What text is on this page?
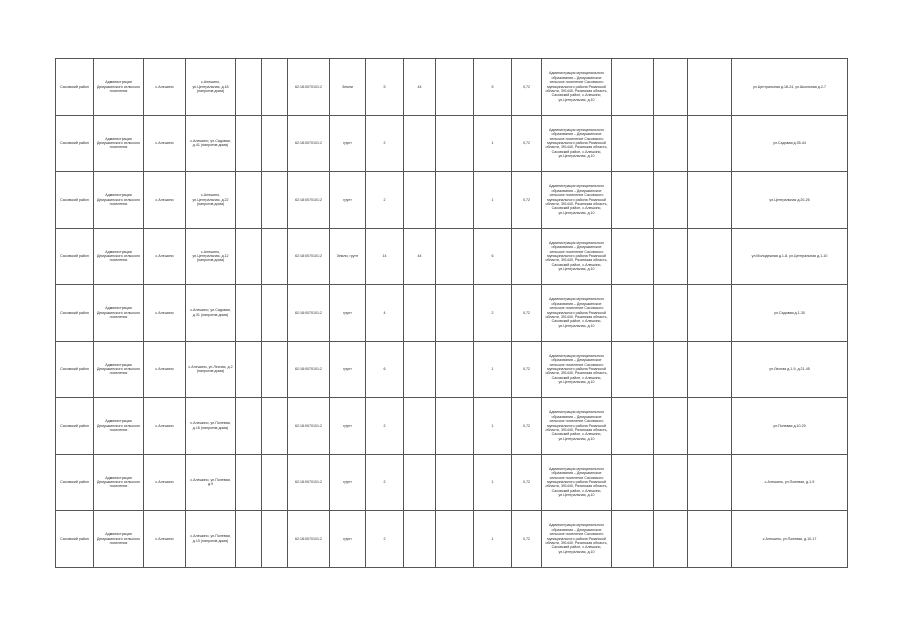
Сасовский район	Администрация Демушкинского сельского поселения	с.Алешино	с.Алешино, ул.Центральная, д.18 (напротив дома)			62:18:0070101:2	Земли	5	44		5	0,72	Администрация муниципального образования – Демушкинское сельское поселение Сасовского муниципального района Рязанской области, 391440, Рязанская область, Сасовский район, с.Алешино, ул.Центральная, д.10				ул.Центральная д.18-24, ул.Школьная д.2-7
Сасовский район	Администрация Демушкинского сельского поселения	с.Алешино	с.Алешино, ул.Садовая, д.41 (напротив дома)			62:18:0070101:2	грунт	2			1	0,72	Администрация муниципального образования – Демушкинское сельское поселение Сасовского муниципального района Рязанской области, 391440, Рязанская область, Сасовский район, с.Алешино, ул.Центральная, д.10				ул.Садовая д.35-44
Сасовский район	Администрация Демушкинского сельского поселения	с.Алешино	с.Алешино, ул.Центральная, д.22 (напротив дома)			62:18:0070101:2	грунт	2			1	0,72	Администрация муниципального образования – Демушкинское сельское поселение Сасовского муниципального района Рязанской области, 391440, Рязанская область, Сасовский район, с.Алешино, ул.Центральная, д.10				ул.Центральная д.20-26
Сасовский район	Администрация Демушкинского сельского поселения	с.Алешино	с.Алешино, ул.Центральная, д.12 (напротив дома)			62:18:0070101:2	Земли, грунт	14	44		6		Администрация муниципального образования – Демушкинское сельское поселение Сасовского муниципального района Рязанской области, 391440, Рязанская область, Сасовский район, с.Алешино, ул.Центральная, д.10				ул.Молодежная д.1-8, ул.Центральная д.1-10
Сасовский район	Администрация Демушкинского сельского поселения	с.Алешино	с.Алешино, ул.Садовая, д.31 (напротив дома)			62:18:0070101:2	грунт	4			2	0,72	Администрация муниципального образования – Демушкинское сельское поселение Сасовского муниципального района Рязанской области, 391440, Рязанская область, Сасовский район, с.Алешино, ул.Центральная, д.10				ул.Садовая д.1-30
Сасовский район	Администрация Демушкинского сельского поселения	с.Алешино	с.Алешино, ул.Лесная, д.2 (напротив дома)			62:18:0070101:2	грунт	6			1	0,72	Администрация муниципального образования – Демушкинское сельское поселение Сасовского муниципального района Рязанской области, 391440, Рязанская область, Сасовский район, с.Алешино, ул.Центральная, д.10				ул.Лесная д.1-9, д.21-45
Сасовский район	Администрация Демушкинского сельского поселения	с.Алешино	с.Алешино, ул.Полевая, д.16 (напротив дома)			62:18:0070101:2	грунт	2			1	0,72	Администрация муниципального образования – Демушкинское сельское поселение Сасовского муниципального района Рязанской области, 391440, Рязанская область, Сасовский район, с.Алешино, ул.Центральная, д.10				ул.Полевая д.10-20
Сасовский район	Администрация Демушкинского сельского поселения	с.Алешино	с.Алешино, ул.Полевая, д.9			62:18:0070101:2	грунт	2			1	0,72	Администрация муниципального образования – Демушкинское сельское поселение Сасовского муниципального района Рязанской области, 391440, Рязанская область, Сасовский район, с.Алешино, ул.Центральная, д.10				с.Алешино, ул.Полевая, д.1-9
Сасовский район	Администрация Демушкинского сельского поселения	с.Алешино	с.Алешино, ул.Полевая, д.10 (напротив дома)			62:18:0070101:2	грунт	2			1	0,72	Администрация муниципального образования – Демушкинское сельское поселение Сасовского муниципального района Рязанской области, 391440, Рязанская область, Сасовский район, с.Алешино, ул.Центральная, д.10				с.Алешино, ул.Полевая, д.10-17
